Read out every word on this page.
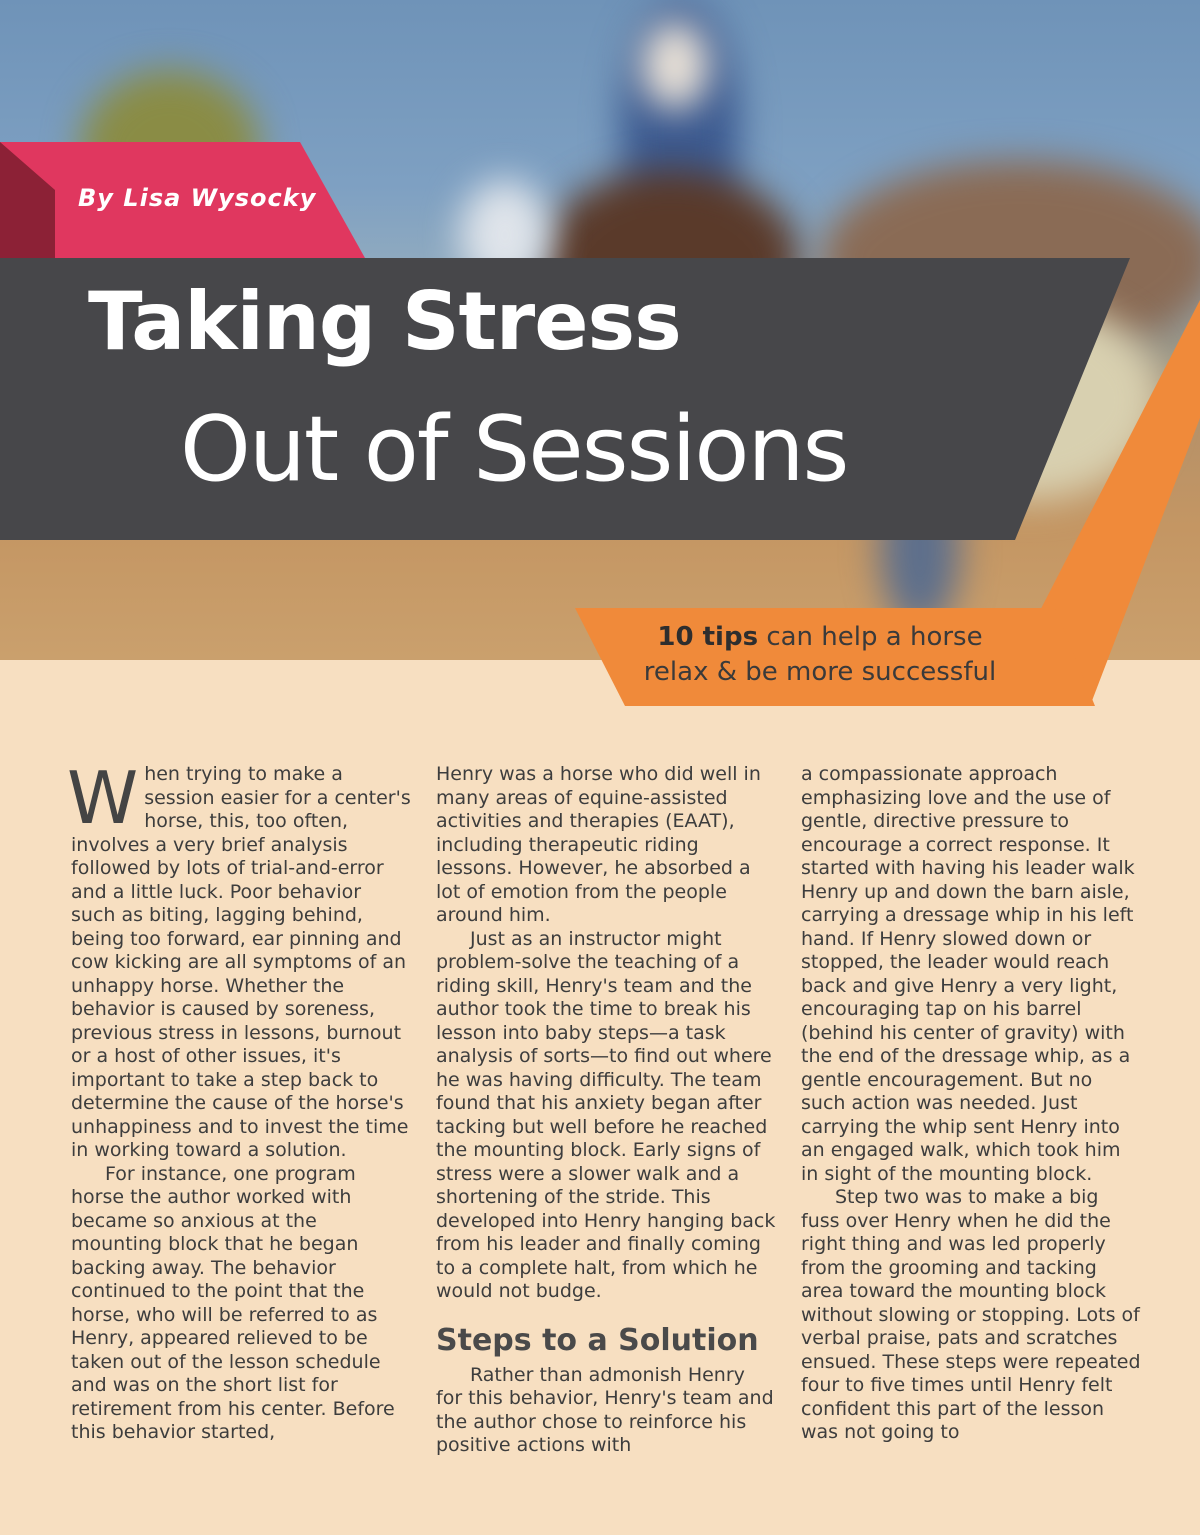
By Lisa Wysocky

Taking Stress
Out of Sessions

10 tips can help a horse
relax & be more successful

When trying to make a session easier for a center's horse, this, too often, involves a very brief analysis followed by lots of trial-and-error and a little luck. Poor behavior such as biting, lagging behind, being too forward, ear pinning and cow kicking are all symptoms of an unhappy horse. Whether the behavior is caused by soreness, previous stress in lessons, burnout or a host of other issues, it's important to take a step back to determine the cause of the horse's unhappiness and to invest the time in working toward a solution.

For instance, one program horse the author worked with became so anxious at the mounting block that he began backing away. The behavior continued to the point that the horse, who will be referred to as Henry, appeared relieved to be taken out of the lesson schedule and was on the short list for retirement from his center. Before this behavior started,

Henry was a horse who did well in many areas of equine-assisted activities and therapies (EAAT), including therapeutic riding lessons. However, he absorbed a lot of emotion from the people around him.

Just as an instructor might problem-solve the teaching of a riding skill, Henry's team and the author took the time to break his lesson into baby steps—a task analysis of sorts—to find out where he was having difficulty. The team found that his anxiety began after tacking but well before he reached the mounting block. Early signs of stress were a slower walk and a shortening of the stride. This developed into Henry hanging back from his leader and finally coming to a complete halt, from which he would not budge.

Steps to a Solution

Rather than admonish Henry for this behavior, Henry's team and the author chose to reinforce his positive actions with

a compassionate approach emphasizing love and the use of gentle, directive pressure to encourage a correct response. It started with having his leader walk Henry up and down the barn aisle, carrying a dressage whip in his left hand. If Henry slowed down or stopped, the leader would reach back and give Henry a very light, encouraging tap on his barrel (behind his center of gravity) with the end of the dressage whip, as a gentle encouragement. But no such action was needed. Just carrying the whip sent Henry into an engaged walk, which took him in sight of the mounting block.

Step two was to make a big fuss over Henry when he did the right thing and was led properly from the grooming and tacking area toward the mounting block without slowing or stopping. Lots of verbal praise, pats and scratches ensued. These steps were repeated four to five times until Henry felt confident this part of the lesson was not going to
